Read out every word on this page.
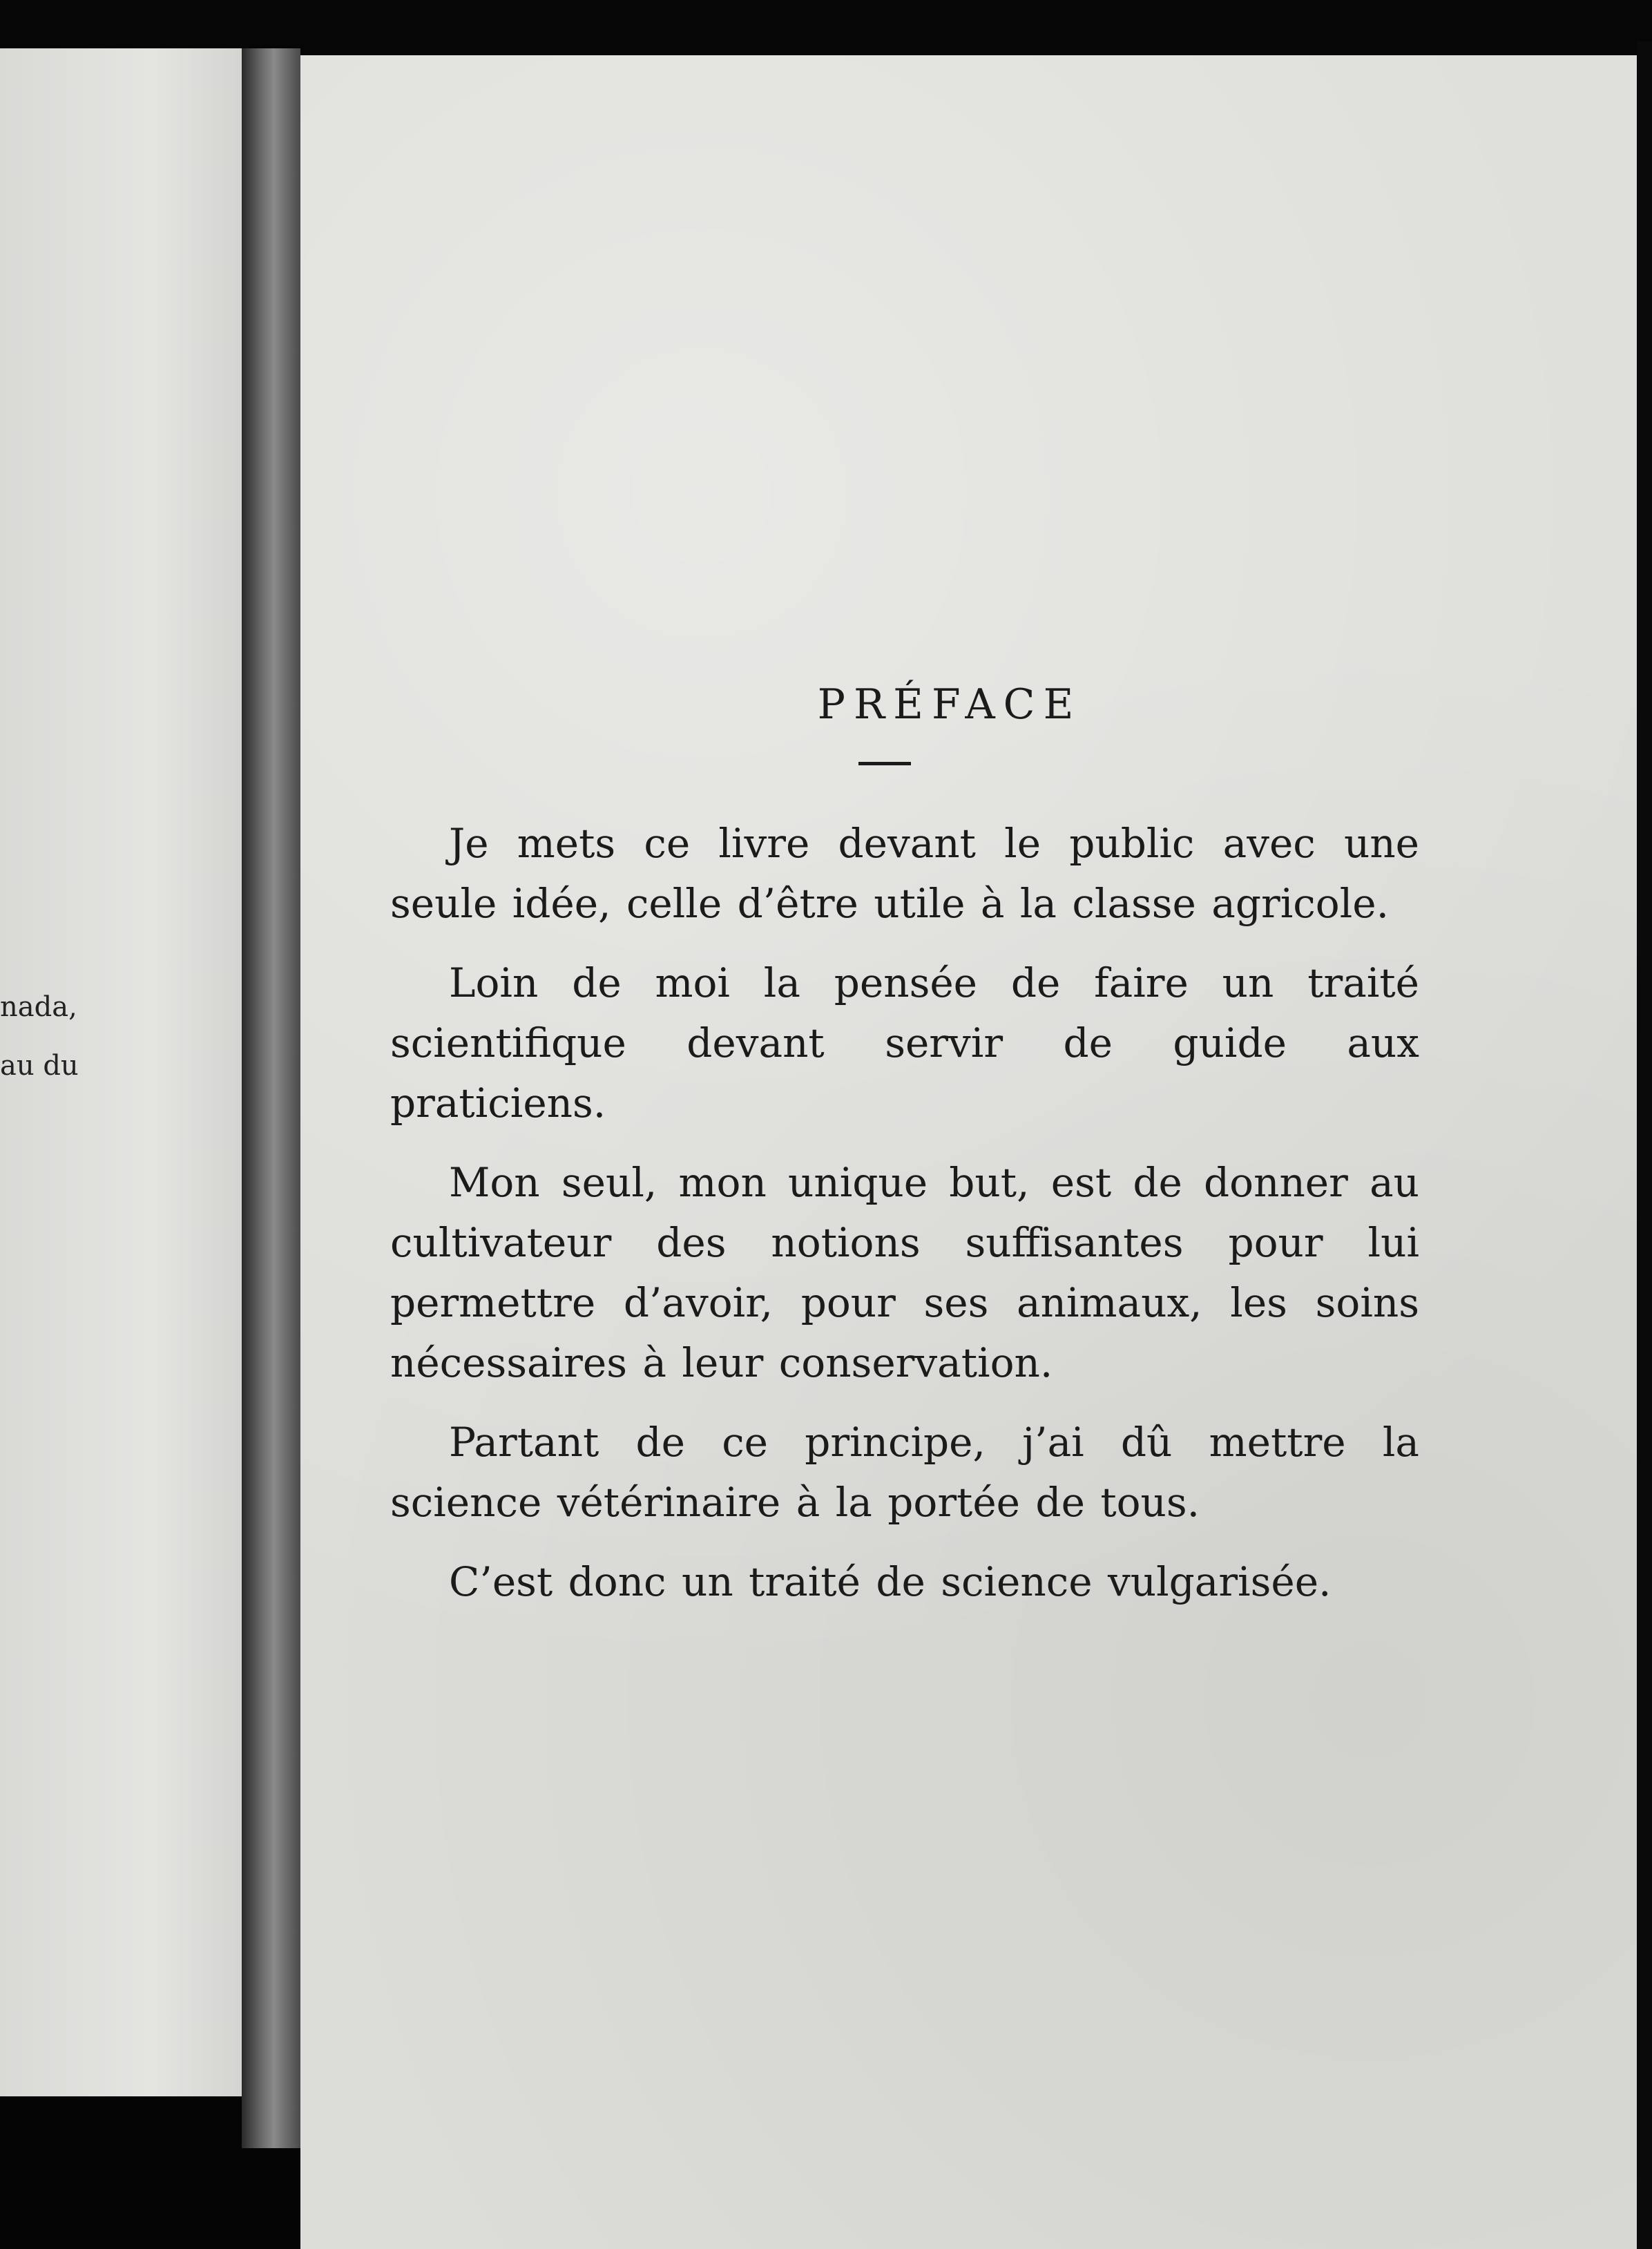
nada,
au du
PRÉFACE

Je mets ce livre devant le public avec une seule idée, celle d’être utile à la classe agricole.

Loin de moi la pensée de faire un traité scientifique devant servir de guide aux praticiens.

Mon seul, mon unique but, est de donner au cultivateur des notions suffisantes pour lui permettre d’avoir, pour ses animaux, les soins nécessaires à leur conservation.

Partant de ce principe, j’ai dû mettre la science vétérinaire à la portée de tous.

C’est donc un traité de science vulgarisée.
